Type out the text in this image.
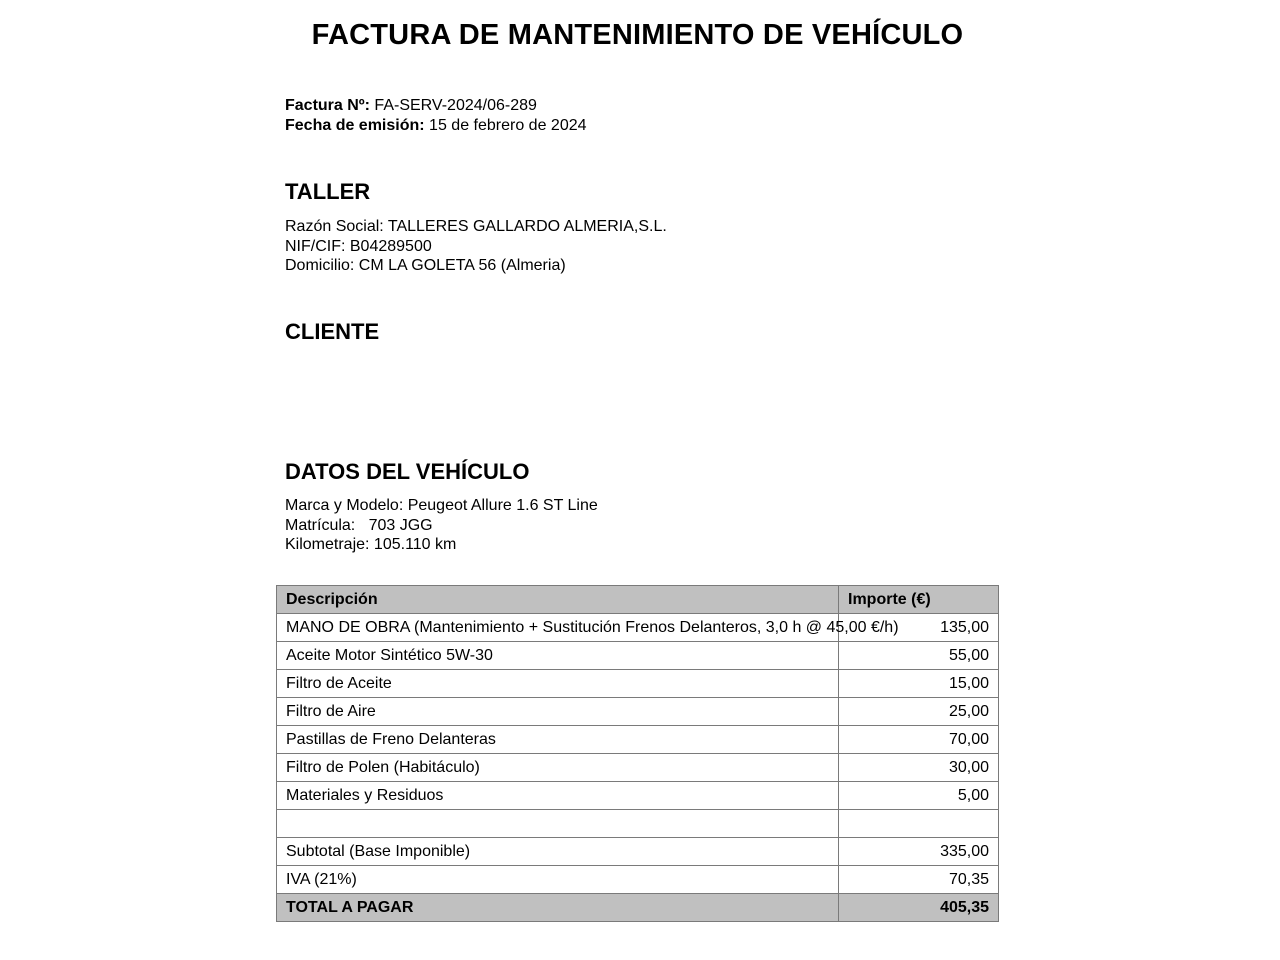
FACTURA DE MANTENIMIENTO DE VEHÍCULO
Factura Nº: FA-SERV-2024/06-289
Fecha de emisión: 15 de febrero de 2024
TALLER
Razón Social: TALLERES GALLARDO ALMERIA,S.L.
NIF/CIF: B04289500
Domicilio: CM LA GOLETA 56 (Almeria)
CLIENTE
DATOS DEL VEHÍCULO
Marca y Modelo: Peugeot Allure 1.6 ST Line
Matrícula:   703 JGG
Kilometraje: 105.110 km
Descripción	Importe (€)
MANO DE OBRA (Mantenimiento + Sustitución Frenos Delanteros, 3,0 h @ 45,00 €/h)	135,00
Aceite Motor Sintético 5W-30	55,00
Filtro de Aceite	15,00
Filtro de Aire	25,00
Pastillas de Freno Delanteras	70,00
Filtro de Polen (Habitáculo)	30,00
Materiales y Residuos	5,00

Subtotal (Base Imponible)	335,00
IVA (21%)	70,35
TOTAL A PAGAR	405,35
